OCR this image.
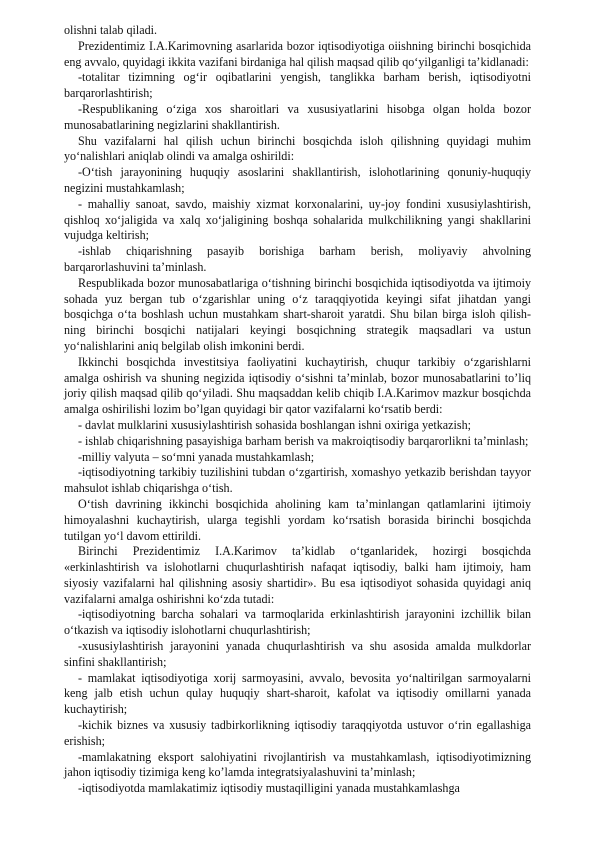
olishni talab qiladi.

Prezidentimiz I.A.Karimovning asarlarida bozor iqtisodiyotiga oiishning birinchi bosqichida eng avvalo, quyidagi ikkita vazifani birdaniga hal qilish maqsad qilib qo‘yilganligi ta’kidlanadi:

-totalitar tizimning og‘ir oqibatlarini yengish, tanglikka barham berish, iqtisodiyotni barqarorlashtirish;

-Respublikaning o‘ziga xos sharoitlari va xususiyatlarini hisobga olgan holda bozor munosabatlarining negizlarini shakllantirish.

Shu vazifalarni hal qilish uchun birinchi bosqichda isloh qilishning quyidagi muhim yo‘nalishlari aniqlab olindi va amalga oshirildi:

-O‘tish jarayonining huquqiy asoslarini shakllantirish, islohotlarining qonuniy-huquqiy negizini mustahkamlash;

- mahalliy sanoat, savdo, maishiy xizmat korxonalarini, uy-joy fondini xususiylashtirish, qishloq xo‘jaligida va xalq xo‘jaligining boshqa sohalarida mulkchilikning yangi shakllarini vujudga keltirish;

-ishlab chiqarishning pasayib borishiga barham berish, moliyaviy ahvolning barqarorlashuvini ta’minlash.

Respublikada bozor munosabatlariga o‘tishning birinchi bosqichida iqtisodiyotda va ijtimoiy sohada yuz bergan tub o‘zgarishlar uning o‘z taraqqiyotida keyingi sifat jihatdan yangi bosqichga o‘ta boshlash uchun mustahkam shart-sharoit yaratdi. Shu bilan birga isloh qilish- ning birinchi bosqichi natijalari keyingi bosqichning strategik maqsadlari va ustun yo‘nalishlarini aniq belgilab olish imkonini berdi.

Ikkinchi bosqichda investitsiya faoliyatini kuchaytirish, chuqur tarkibiy o‘zgarishlarni amalga oshirish va shuning negizida iqtisodiy o‘sishni ta’minlab, bozor munosabatlarini to’liq joriy qilish maqsad qilib qo‘yiladi. Shu maqsaddan kelib chiqib I.A.Karimov mazkur bosqichda amalga oshirilishi lozim bo’lgan quyidagi bir qator vazifalarni ko‘rsatib berdi:

- davlat mulklarini xususiylashtirish sohasida boshlangan ishni oxiriga yetkazish;

- ishlab chiqarishning pasayishiga barham berish va makroiqtisodiy barqarorlikni ta’minlash;

-milliy valyuta – so‘mni yanada mustahkamlash;

-iqtisodiyotning tarkibiy tuzilishini tubdan o‘zgartirish, xomashyo yetkazib berishdan tayyor mahsulot ishlab chiqarishga o‘tish.

O‘tish davrining ikkinchi bosqichida aholining kam ta’minlangan qatlamlarini ijtimoiy himoyalashni kuchaytirish, ularga tegishli yordam ko‘rsatish borasida birinchi bosqichda tutilgan yo‘l davom ettirildi.

Birinchi Prezidentimiz I.A.Karimov ta’kidlab o‘tganlaridek, hozirgi bosqichda «erkinlashtirish va islohotlarni chuqurlashtirish nafaqat iqtisodiy, balki ham ijtimoiy, ham siyosiy vazifalarni hal qilishning asosiy shartidir». Bu esa iqtisodiyot sohasida quyidagi aniq vazifalarni amalga oshirishni ko‘zda tutadi:

-iqtisodiyotning barcha sohalari va tarmoqlarida erkinlashtirish jarayonini izchillik bilan o‘tkazish va iqtisodiy islohotlarni chuqurlashtirish;

-xususiylashtirish jarayonini yanada chuqurlashtirish va shu asosida amalda mulkdorlar sinfini shakllantirish;

- mamlakat iqtisodiyotiga xorij sarmoyasini, avvalo, bevosita yo‘naltirilgan sarmoyalarni keng jalb etish uchun qulay huquqiy shart-sharoit, kafolat va iqtisodiy omillarni yanada kuchaytirish;

-kichik biznes va xususiy tadbirkorlikning iqtisodiy taraqqiyotda ustuvor o‘rin egallashiga erishish;

-mamlakatning eksport salohiyatini rivojlantirish va mustahkamlash, iqtisodiyotimizning jahon iqtisodiy tizimiga keng ko’lamda integratsiyalashuvini ta’minlash;

-iqtisodiyotda mamlakatimiz iqtisodiy mustaqilligini yanada mustahkamlashga
